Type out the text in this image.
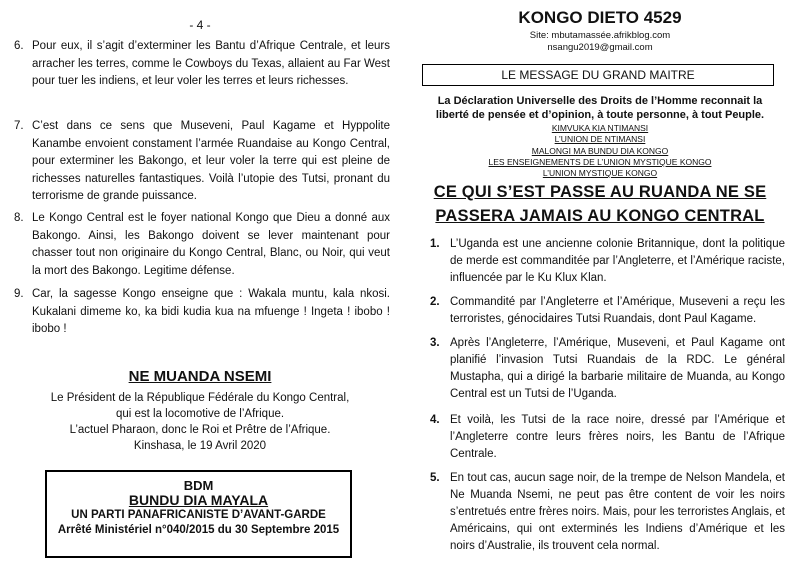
- 4 -
6. Pour eux, il s’agit d’exterminer les Bantu d’Afrique Centrale, et leurs arracher les terres, comme le Cowboys du Texas, allaient au Far West pour tuer les indiens, et leur voler les terres et leurs richesses.
7. C’est dans ce sens que Museveni, Paul Kagame et Hyppolite Kanambe envoient constament l’armée Ruandaise au Kongo Central, pour exterminer les Bakongo, et leur voler la terre qui est pleine de richesses naturelles fantastiques. Voilà l’utopie des Tutsi, pronant du terrorisme de grande puissance.
8. Le Kongo Central est le foyer national Kongo que Dieu a donné aux Bakongo. Ainsi, les Bakongo doivent se lever maintenant pour chasser tout non originaire du Kongo Central, Blanc, ou Noir, qui veut la mort des Bakongo. Legitime défense.
9. Car, la sagesse Kongo enseigne que : Wakala muntu, kala nkosi. Kukalani dimeme ko, ka bidi kudia kua na mfuenge ! Ingeta ! ibobo ! ibobo !
NE MUANDA NSEMI
Le Président de la République Fédérale du Kongo Central,
qui est la locomotive de l’Afrique.
L’actuel Pharaon, donc le Roi et Prêtre de l’Afrique.
Kinshasa, le 19 Avril 2020
BDM
BUNDU DIA MAYALA
UN PARTI PANAFRICANISTE D’AVANT-GARDE
Arrêté Ministériel n°040/2015 du 30 Septembre 2015
KONGO DIETO 4529
Site: mbutamassée.afrikblog.com
nsangu2019@gmail.com
LE MESSAGE DU GRAND MAITRE
La Déclaration Universelle des Droits de l’Homme reconnait la liberté de pensée et d’opinion, à toute personne, à tout Peuple.
KIMVUKA KIA NTIMANSI
L’UNION DE NTIMANSI
MALONGI MA BUNDU DIA KONGO
LES ENSEIGNEMENTS DE L’UNION MYSTIQUE KONGO
L’UNION MYSTIQUE KONGO
CE QUI S’EST PASSE AU RUANDA NE SE
PASSERA JAMAIS AU KONGO CENTRAL
1. L’Uganda est une ancienne colonie Britannique, dont la politique de merde est commanditée par l’Angleterre, et l’Amérique raciste, influencée par le Ku Klux Klan.
2. Commandité par l’Angleterre et l’Amérique, Museveni a reçu les terroristes, génocidaires Tutsi Ruandais, dont Paul Kagame.
3. Après l’Angleterre, l’Amérique, Museveni, et Paul Kagame ont planifié l’invasion Tutsi Ruandais de la RDC. Le général Mustapha, qui a dirigé la barbarie militaire de Muanda, au Kongo Central est un Tutsi de l’Uganda.
4. Et voilà, les Tutsi de la race noire, dressé par l’Amérique et l’Angleterre contre leurs frères noirs, les Bantu de l’Afrique Centrale.
5. En tout cas, aucun sage noir, de la trempe de Nelson Mandela, et Ne Muanda Nsemi, ne peut pas être content de voir les noirs s’entretués entre frères noirs. Mais, pour les terroristes Anglais, et Américains, qui ont exterminés les Indiens d’Amérique et les noirs d’Australie, ils trouvent cela normal.
